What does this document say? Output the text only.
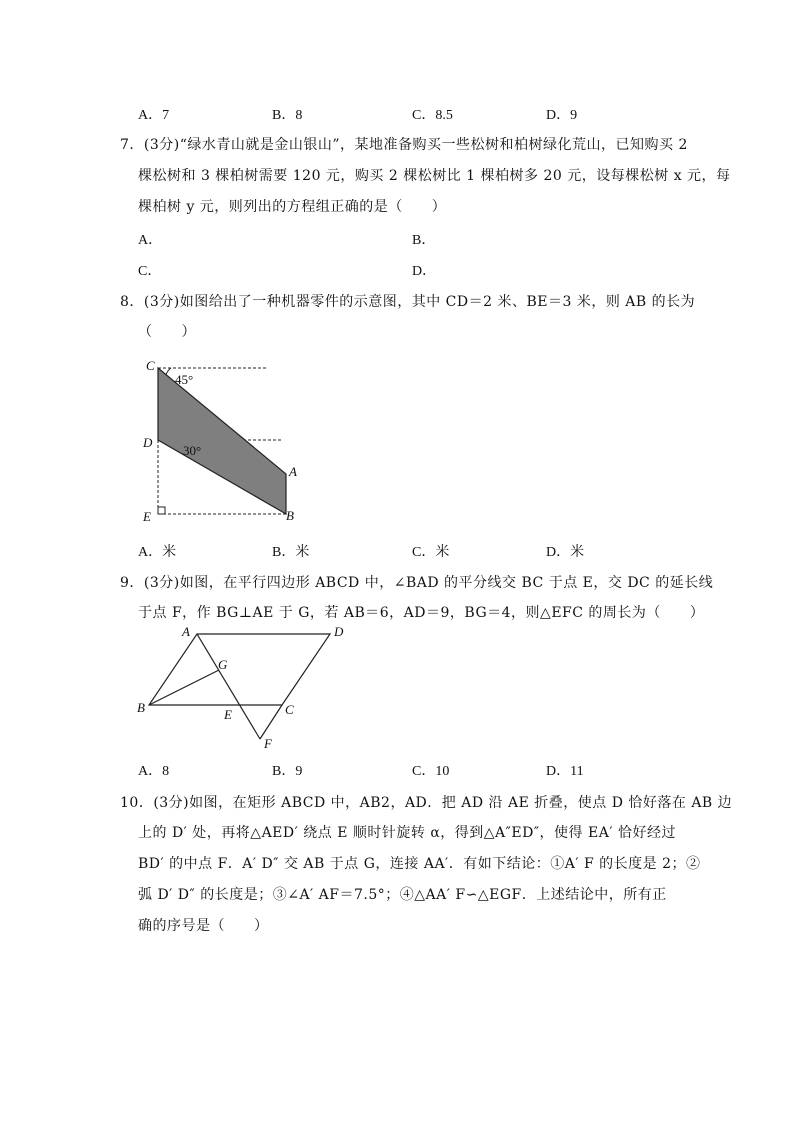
A．7	B．8	C．8.5	D．9
7．(3分)“绿水青山就是金山银山”，某地准备购买一些松树和柏树绿化荒山，已知购买 2
棵松树和 3 棵柏树需要 120 元，购买 2 棵松树比 1 棵柏树多 20 元，设每棵松树 x 元，每
棵柏树 y 元，则列出的方程组正确的是（　　）
A．	B．
C．	D．
8．(3分)如图给出了一种机器零件的示意图，其中 CD＝2 米、BE＝3 米，则 AB 的长为
（　　）
C
45°
D
30°
A
E	B
A．米	B．米	C．米	D．米
9．(3分)如图，在平行四边形 ABCD 中，∠BAD 的平分线交 BC 于点 E，交 DC 的延长线
于点 F，作 BG⊥AE 于 G，若 AB＝6，AD＝9，BG＝4，则△EFC 的周长为（　　）
A	D
G
B	E	C
F
A．8	B．9	C．10	D．11
10．(3分)如图，在矩形 ABCD 中，AB2，AD．把 AD 沿 AE 折叠，使点 D 恰好落在 AB 边
上的 D′ 处，再将△AED′ 绕点 E 顺时针旋转 α，得到△A″ED″，使得 EA′ 恰好经过
BD′ 的中点 F．A′ D″ 交 AB 于点 G，连接 AA′．有如下结论：①A′ F 的长度是 2；②
弧 D′ D″ 的长度是；③∠A′ AF＝7.5°；④△AA′ F∽△EGF．上述结论中，所有正
确的序号是（　　）
